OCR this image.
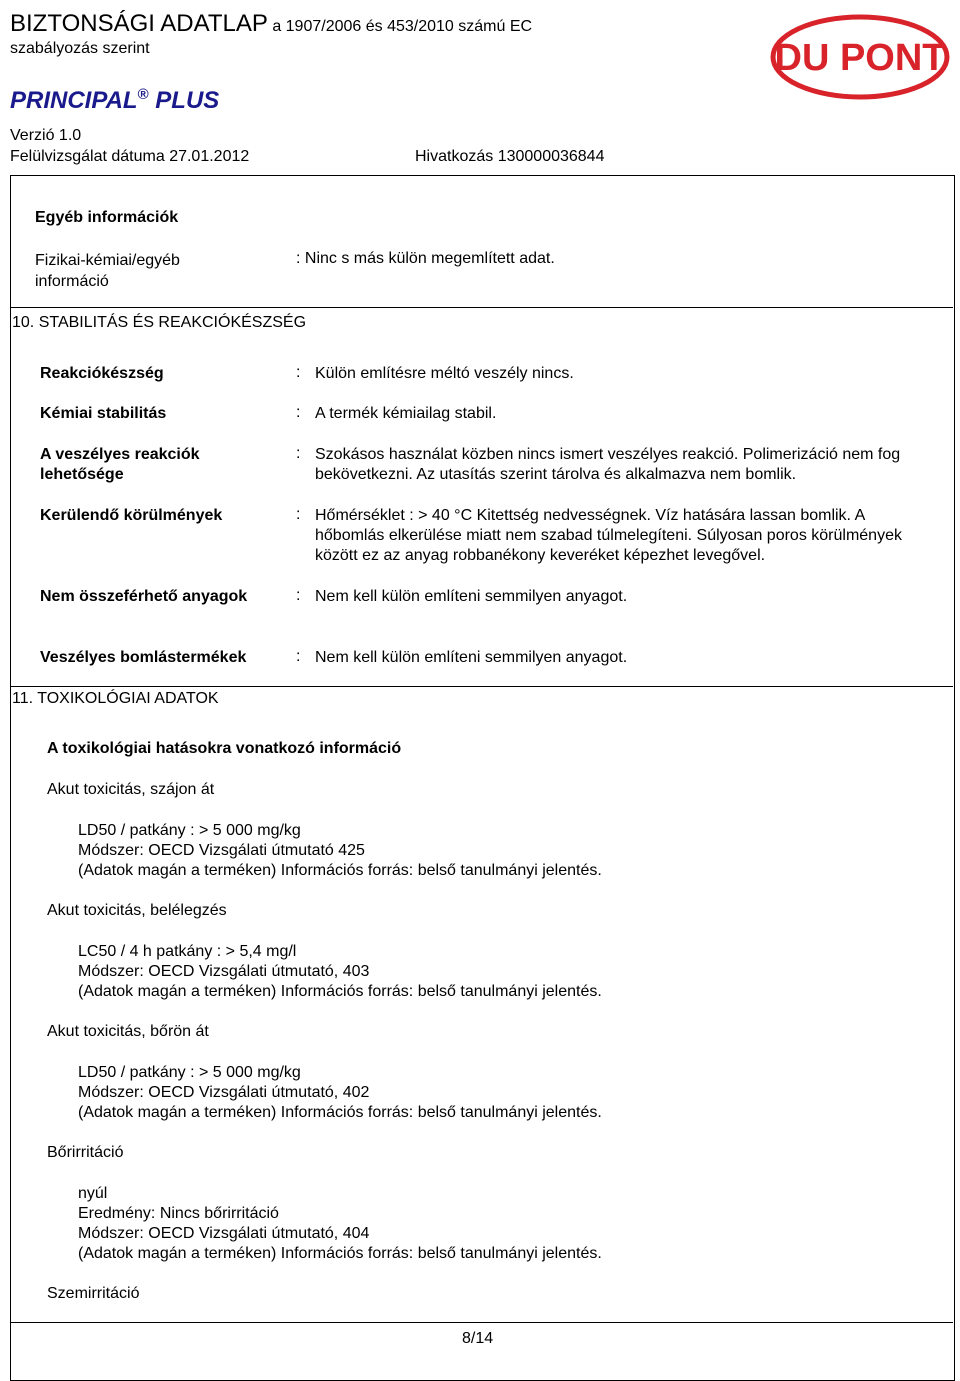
BIZTONSÁGI ADATLAP a 1907/2006 és 453/2010 számú EC
szabályozás szerint
PRINCIPAL® PLUS
Verzió 1.0
Felülvizsgálat dátuma 27.01.2012	Hivatkozás 130000036844
DU PONT
Egyéb információk
Fizikai-kémiai/egyéb
információ
: Ninc s más külön megemlített adat.
10. STABILITÁS ÉS REAKCIÓKÉSZSÉG
Reakciókészség	: Külön említésre méltó veszély nincs.
Kémiai stabilitás	: A termék kémiailag stabil.
A veszélyes reakciók lehetősége
: Szokásos használat közben nincs ismert veszélyes reakció. Polimerizáció nem fog bekövetkezni. Az utasítás szerint tárolva és alkalmazva nem bomlik.
Kerülendő körülmények	: Hőmérséklet : > 40 °C Kitettség nedvességnek. Víz hatására lassan bomlik. A hőbomlás elkerülése miatt nem szabad túlmelegíteni. Súlyosan poros körülmények között ez az anyag robbanékony keveréket képezhet levegővel.
Nem összeférhető anyagok	: Nem kell külön említeni semmilyen anyagot.
Veszélyes bomlástermékek	: Nem kell külön említeni semmilyen anyagot.
11. TOXIKOLÓGIAI ADATOK
A toxikológiai hatásokra vonatkozó információ
Akut toxicitás, szájon át
LD50 / patkány : > 5 000 mg/kg
Módszer: OECD Vizsgálati útmutató 425
(Adatok magán a terméken) Információs forrás: belső tanulmányi jelentés.
Akut toxicitás, belélegzés
LC50 / 4 h patkány : > 5,4 mg/l
Módszer: OECD Vizsgálati útmutató, 403
(Adatok magán a terméken) Információs forrás: belső tanulmányi jelentés.
Akut toxicitás, bőrön át
LD50 / patkány : > 5 000 mg/kg
Módszer: OECD Vizsgálati útmutató, 402
(Adatok magán a terméken) Információs forrás: belső tanulmányi jelentés.
Bőrirritáció
nyúl
Eredmény: Nincs bőrirritáció
Módszer: OECD Vizsgálati útmutató, 404
(Adatok magán a terméken) Információs forrás: belső tanulmányi jelentés.
Szemirritáció
8/14
